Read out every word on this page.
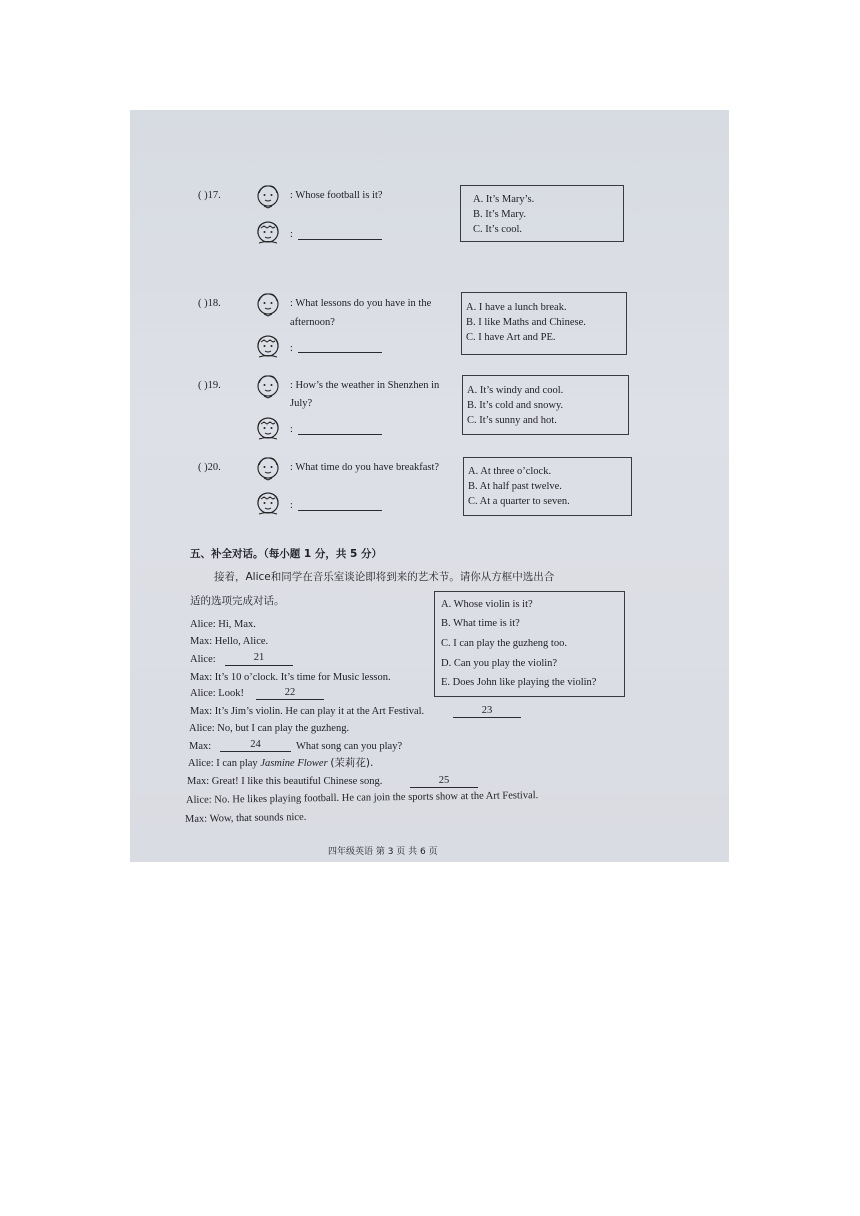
( )17.	: Whose football is it?
:
A. It’s Mary’s.
B. It’s Mary.
C. It’s cool.
( )18.	: What lessons do you have in the
afternoon?
:
A. I have a lunch break.
B. I like Maths and Chinese.
C. I have Art and PE.
( )19.	: How’s the weather in Shenzhen in
July?
:
A. It’s windy and cool.
B. It’s cold and snowy.
C. It’s sunny and hot.
( )20.	: What time do you have breakfast?
:
A. At three o’clock.
B. At half past twelve.
C. At a quarter to seven.
五、补全对话。（每小题 1 分，共 5 分）
接着，Alice和同学在音乐室谈论即将到来的艺术节。请你从方框中选出合
适的选项完成对话。	A. Whose violin is it?
B. What time is it?
C. I can play the guzheng too.
D. Can you play the violin?
E. Does John like playing the violin?
Alice: Hi, Max.
Max: Hello, Alice.
Alice:	21
Max: It’s 10 o’clock. It’s time for Music lesson.
Alice: Look!	22
Max: It’s Jim’s violin. He can play it at the Art Festival.	23
Alice: No, but I can play the guzheng.
Max:	24	What song can you play?
Alice: I can play Jasmine Flower (茉莉花).
Max: Great! I like this beautiful Chinese song.	25
Alice: No. He likes playing football. He can join the sports show at the Art Festival.
Max: Wow, that sounds nice.
四年级英语 第 3 页 共 6 页
